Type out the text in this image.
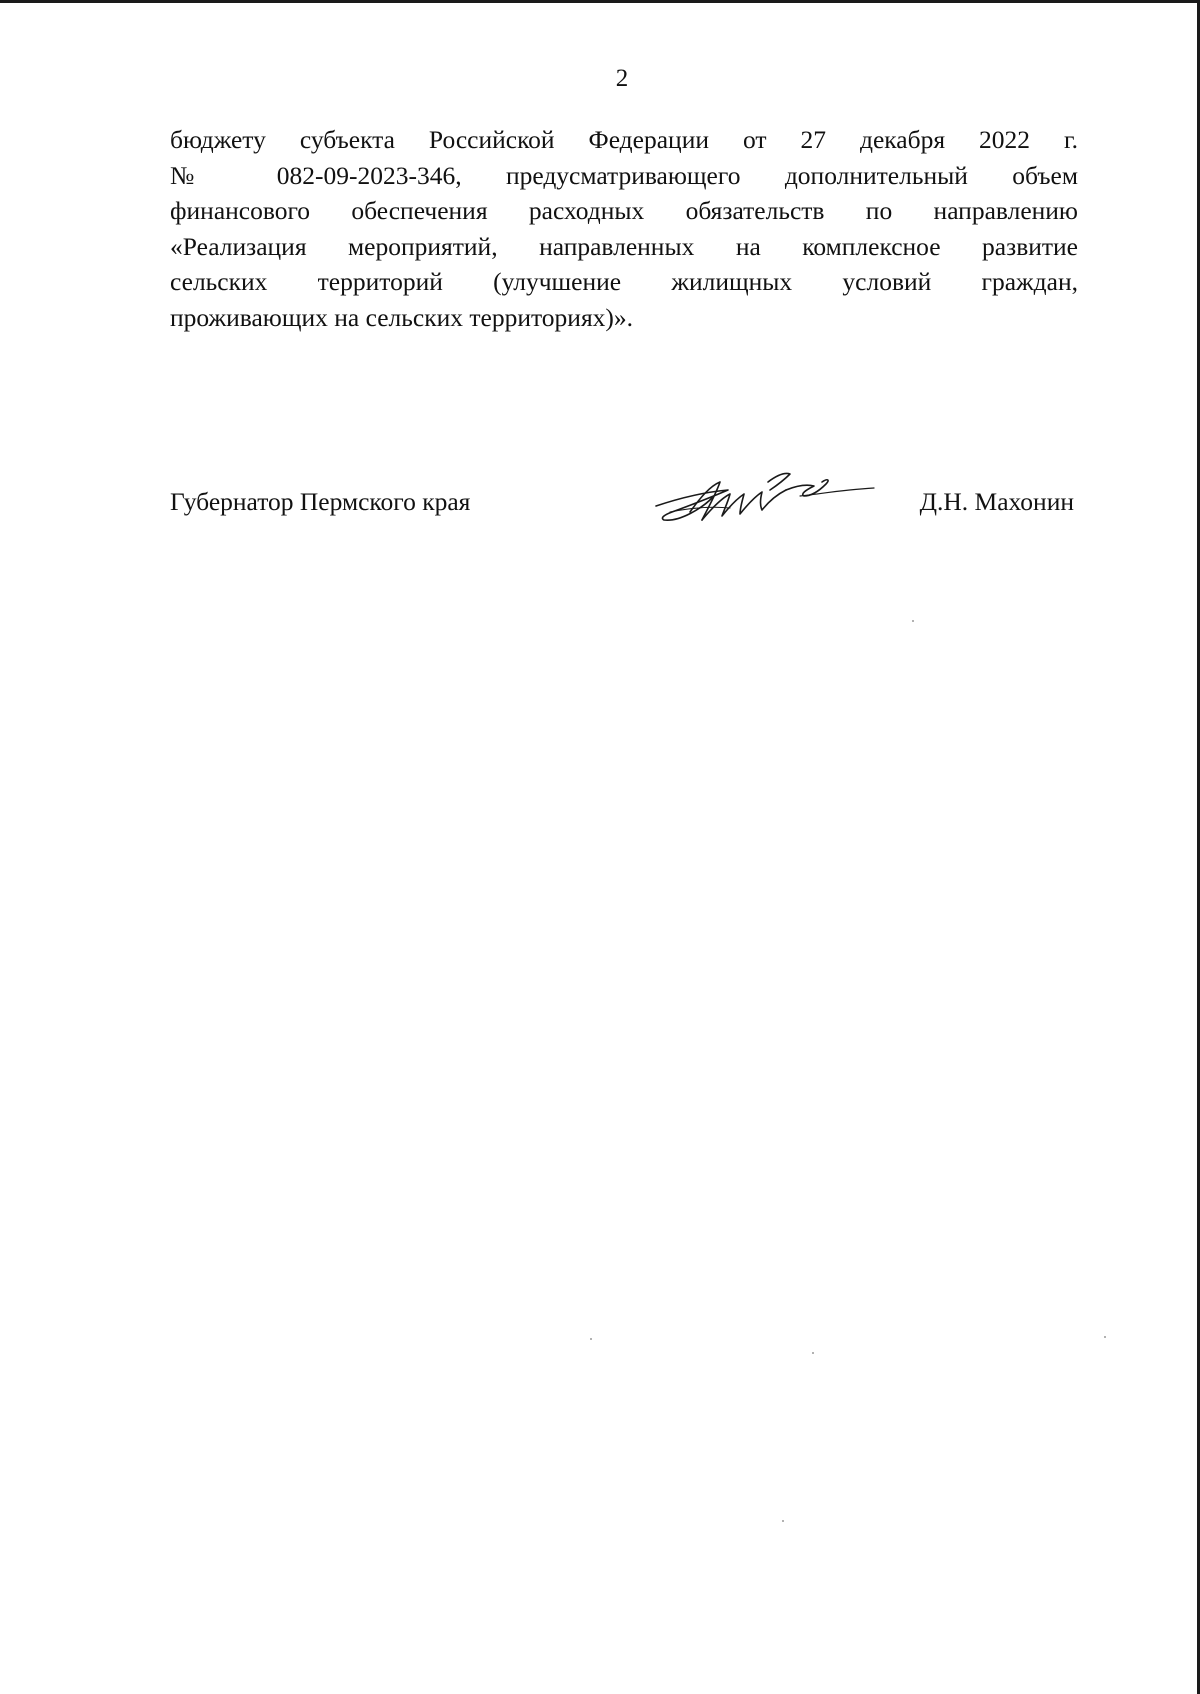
2

бюджету субъекта Российской Федерации от 27 декабря 2022 г.
№ 082-09-2023-346, предусматривающего дополнительный объем
финансового обеспечения расходных обязательств по направлению
«Реализация мероприятий, направленных на комплексное развитие
сельских территорий (улучшение жилищных условий граждан,
проживающих на сельских территориях)».

Губернатор Пермского края	Д.Н. Махонин
